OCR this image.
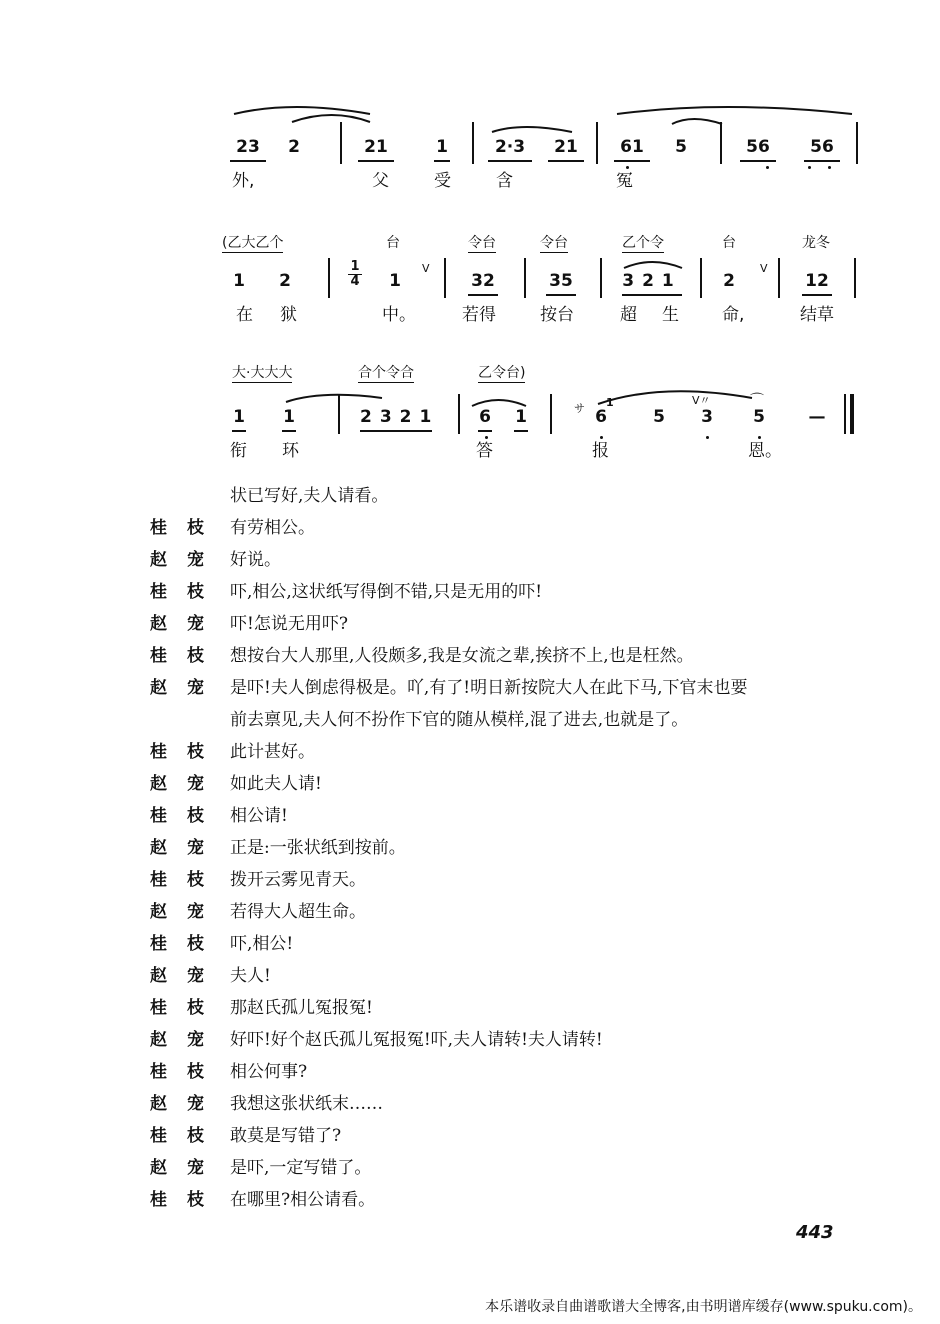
23	2	21	1	2·3	21	61	5	56	56
外,	父	受	含	冤
(乙大乙个	台	令台	令台	乙个令	台	龙冬
1 2
1
4 1
V
32	35	321 2
V
12
在 狱	中。	若得	按台	超 生	命,	结草
大·大大大	合个令合	乙令台)
1 1	2321 6 1	サ 1
6	5
V〃
3
⌒
5	—
衔 环	答	报	恩。
状已写好,夫人请看。
桂枝 有劳相公。
赵宠 好说。
桂枝 吓,相公,这状纸写得倒不错,只是无用的吓!
赵宠 吓!怎说无用吓?
桂枝 想按台大人那里,人役颇多,我是女流之辈,挨挤不上,也是枉然。
赵宠 是吓!夫人倒虑得极是。吖,有了!明日新按院大人在此下马,下官末也要
前去禀见,夫人何不扮作下官的随从模样,混了进去,也就是了。
桂枝 此计甚好。
赵宠 如此夫人请!
桂枝 相公请!
赵宠 正是:一张状纸到按前。
桂枝 拨开云雾见青天。
赵宠 若得大人超生命。
桂枝 吓,相公!
赵宠 夫人!
桂枝 那赵氏孤儿冤报冤!
赵宠 好吓!好个赵氏孤儿冤报冤!吓,夫人请转!夫人请转!
桂枝 相公何事?
赵宠 我想这张状纸末……
桂枝 敢莫是写错了?
赵宠 是吓,一定写错了。
桂枝 在哪里?相公请看。
443
本乐谱收录自曲谱歌谱大全博客,由书明谱库缓存(www.spuku.com)。
